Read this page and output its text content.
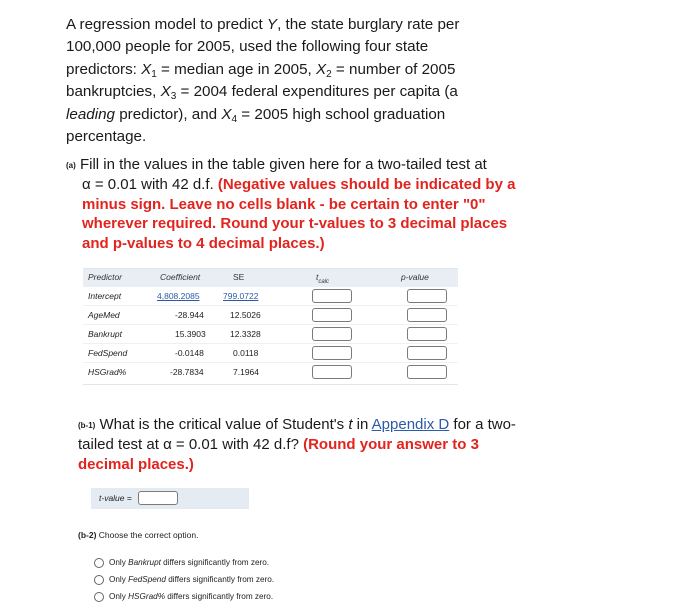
A regression model to predict Y, the state burglary rate per 100,000 people for 2005, used the following four state predictors: $X_1$ = median age in 2005, $X_2$ = number of 2005 bankruptcies, $X_3 = 2004$ federal expenditures per capita (a leading predictor), and $X_4 = 2005$ high school graduation percentage.
$^{(a)}$ Fill in the values in the table given here for a two-tailed test at
α = 0.01 with 42 d.f. (Negative values should be indicated by a minus sign. Leave no cells blank - be certain to enter "0" wherever required. Round your t-values to 3 decimal places and p-values to 4 decimal places.)
Predictor	Coefficient	SE	$t_{calc}$	p-value
Intercept	4,808.2085	799.0722
AgeMed	-28.944	12.5026
Bankrupt	15.3903	12.3328
FedSpend	-0.0148	0.0118
HSGrad%	-28.7834	7.1964
$^{(b-1)}$ What is the critical value of Student's t in Appendix D for a two-tailed test at α = 0.01 with 42 d.f? (Round your answer to 3 decimal places.)
t-value =
(b-2) Choose the correct option.
Only Bankrupt differs significantly from zero.
Only FedSpend differs significantly from zero.
Only HSGrad% differs significantly from zero.
